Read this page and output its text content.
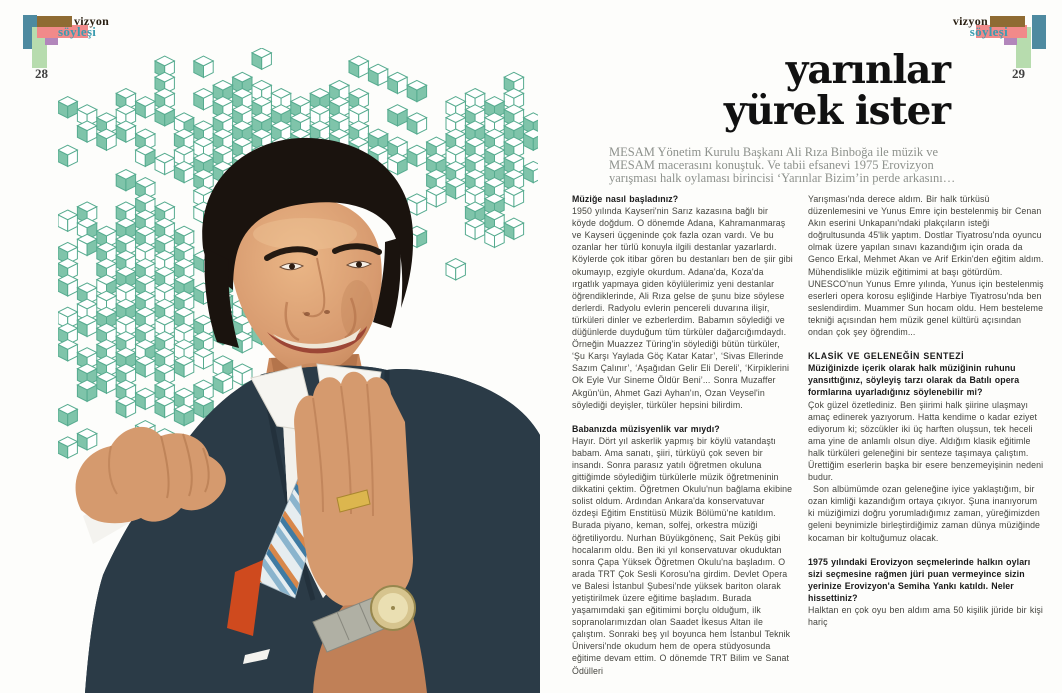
vizyon
söyleşi
28
vizyon
söyleşi
29
yarınlar
yürek ister

MESAM Yönetim Kurulu Başkanı Ali Rıza Binboğa ile müzik ve MESAM macerasını konuştuk. Ve tabii efsanevi 1975 Erovizyon yarışması halk oylaması birincisi ‘Yarınlar Bizim’in perde arkasını…

Müziğe nasıl başladınız?
1950 yılında Kayseri'nin Sarız kazasına bağlı bir köyde doğdum. O dönemde Adana, Kahramanmaraş ve Kayseri üçgeninde çok fazla ozan vardı. Ve bu ozanlar her türlü konuyla ilgili destanlar yazarlardı. Köylerde çok itibar gören bu destanları ben de şiir gibi okumayıp, ezgiyle okurdum. Adana'da, Koza'da ırgatlık yapmaya giden köylülerimiz yeni destanlar öğrendiklerinde, Ali Rıza gelse de şunu bize söylese derlerdi. Radyolu evlerin pencereli duvarına ilişir, türküleri dinler ve ezberlerdim. Babamın söylediği ve düğünlerde duyduğum tüm türküler dağarcığımdaydı. Örneğin Muazzez Türing'in söylediği bütün türküler, ‘Şu Karşı Yaylada Göç Katar Katar’, ‘Sivas Ellerinde Sazım Çalınır’, ‘Aşağıdan Gelir Eli Dereli’, ‘Kirpiklerini Ok Eyle Vur Sineme Öldür Beni’... Sonra Muzaffer Akgün'ün, Ahmet Gazi Ayhan'ın, Ozan Veysel'in söylediği deyişler, türküler hepsini bilirdim.
Babanızda müzisyenlik var mıydı?
Hayır. Dört yıl askerlik yapmış bir köylü vatandaştı babam. Ama sanatı, şiiri, türküyü çok seven bir insandı. Sonra parasız yatılı öğretmen okuluna gittiğimde söylediğim türkülerle müzik öğretmeninin dikkatini çektim. Öğretmen Okulu'nun bağlama ekibine solist oldum. Ardından Ankara'da konservatuvar özdeşi Eğitim Enstitüsü Müzik Bölümü'ne katıldım. Burada piyano, keman, solfej, orkestra müziği öğretiliyordu. Nurhan Büyükgönenç, Sait Peküş gibi hocalarım oldu. Ben iki yıl konservatuvar okuduktan sonra Çapa Yüksek Öğretmen Okulu'na başladım. O arada TRT Çok Sesli Korosu'na girdim. Devlet Opera ve Balesi İstanbul Şubesi'nde yüksek bariton olarak yetiştirilmek üzere eğitime başladım. Burada yaşamımdaki şan eğitimimi borçlu olduğum, ilk sopranolarımızdan olan Saadet İkesus Altan ile çalıştım. Sonraki beş yıl boyunca hem İstanbul Teknik Üniversi'nde okudum hem de opera stüdyosunda eğitime devam ettim. O dönemde TRT Bilim ve Sanat Ödülleri
Yarışması'nda derece aldım. Bir halk türküsü düzenlemesini ve Yunus Emre için bestelenmiş bir Cenan Akın eserini Unkapanı'ndaki plakçıların isteği doğrultusunda 45'lik yaptım. Dostlar Tiyatrosu'nda oyuncu olmak üzere yapılan sınavı kazandığım için orada da Genco Erkal, Mehmet Akan ve Arif Erkin'den eğitim aldım. Mühendislikle müzik eğitimimi at başı götürdüm. UNESCO'nun Yunus Emre yılında, Yunus için bestelenmiş eserleri opera korosu eşliğinde Harbiye Tiyatrosu'nda ben seslendirdim. Muammer Sun hocam oldu. Hem besteleme tekniği açısından hem müzik genel kültürü açısından ondan çok şey öğrendim...
KLASİK VE GELENEĞİN SENTEZİ
Müziğinizde içerik olarak halk müziğinin ruhunu yansıttığınız, söyleyiş tarzı olarak da Batılı opera formlarına uyarladığınız söylenebilir mi?
Çok güzel özetlediniz. Ben şiirimi halk şiirine ulaşmayı amaç edinerek yazıyorum. Hatta kendime o kadar eziyet ediyorum ki; sözcükler iki üç harften oluşsun, tek heceli ama yine de anlamlı olsun diye. Aldığım klasik eğitimle halk türküleri geleneğini bir senteze taşımaya çalıştım. Ürettiğim eserlerin başka bir esere benzemeyişinin nedeni budur.
Son albümümde ozan geleneğine iyice yaklaştığım, bir ozan kimliği kazandığım ortaya çıkıyor. Şuna inanıyorum ki müziğimizi doğru yorumladığımız zaman, yüreğimizden geleni beynimizle birleştirdiğimiz zaman dünya müziğinde kocaman bir koltuğumuz olacak.
1975 yılındaki Erovizyon seçmelerinde halkın oyları sizi seçmesine rağmen jüri puan vermeyince sizin yerinize Erovizyon'a Semiha Yankı katıldı. Neler hissettiniz?
Halktan en çok oyu ben aldım ama 50 kişilik jüride bir kişi hariç
